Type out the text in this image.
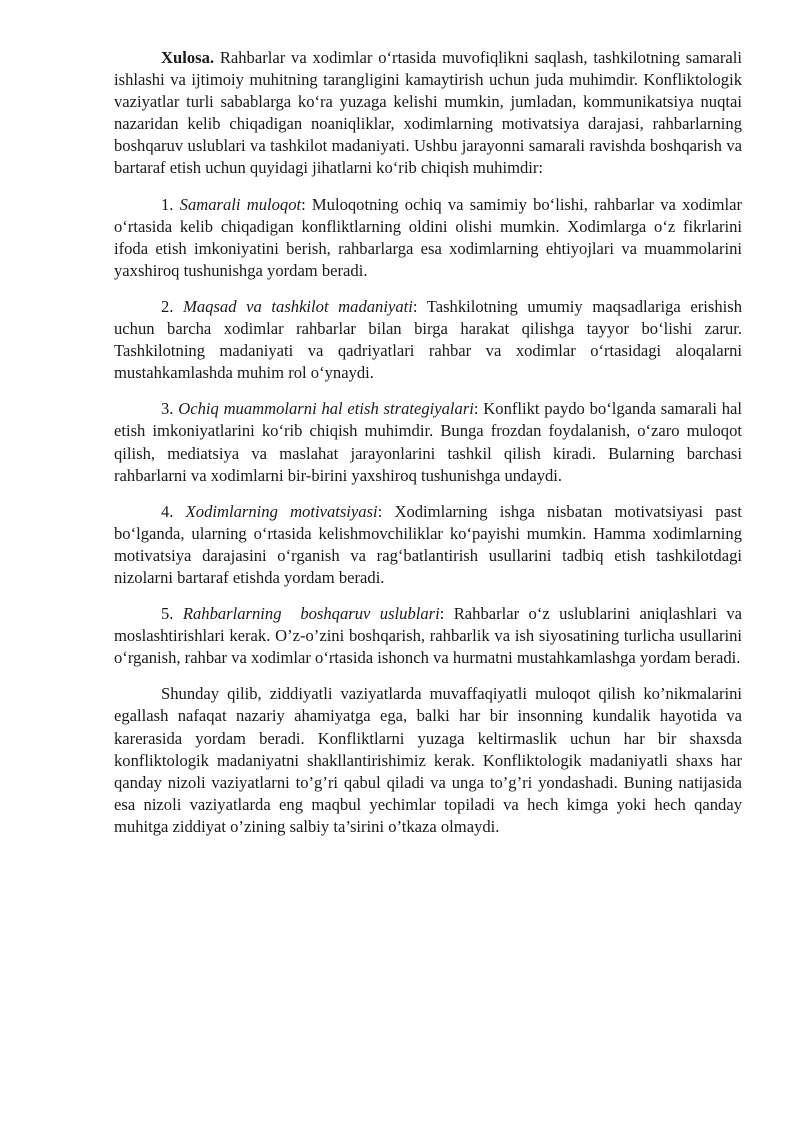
Xulosa. Rahbarlar va xodimlar o‘rtasida muvofiqlikni saqlash, tashkilotning samarali ishlashi va ijtimoiy muhitning tarangligini kamaytirish uchun juda muhimdir. Konfliktologik vaziyatlar turli sabablarga ko‘ra yuzaga kelishi mumkin, jumladan, kommunikatsiya nuqtai nazaridan kelib chiqadigan noaniqliklar, xodimlarning motivatsiya darajasi, rahbarlarning boshqaruv uslublari va tashkilot madaniyati. Ushbu jarayonni samarali ravishda boshqarish va bartaraf etish uchun quyidagi jihatlarni ko‘rib chiqish muhimdir:

1. Samarali muloqot: Muloqotning ochiq va samimiy bo‘lishi, rahbarlar va xodimlar o‘rtasida kelib chiqadigan konfliktlarning oldini olishi mumkin. Xodimlarga o‘z fikrlarini ifoda etish imkoniyatini berish, rahbarlarga esa xodimlarning ehtiyojlari va muammolarini yaxshiroq tushunishga yordam beradi.

2. Maqsad va tashkilot madaniyati: Tashkilotning umumiy maqsadlariga erishish uchun barcha xodimlar rahbarlar bilan birga harakat qilishga tayyor bo‘lishi zarur. Tashkilotning madaniyati va qadriyatlari rahbar va xodimlar o‘rtasidagi aloqalarni mustahkamlashda muhim rol o‘ynaydi.

3. Ochiq muammolarni hal etish strategiyalari: Konflikt paydo bo‘lganda samarali hal etish imkoniyatlarini ko‘rib chiqish muhimdir. Bunga frozdan foydalanish, o‘zaro muloqot qilish, mediatsiya va maslahat jarayonlarini tashkil qilish kiradi. Bularning barchasi rahbarlarni va xodimlarni bir-birini yaxshiroq tushunishga undaydi.

4. Xodimlarning motivatsiyasi: Xodimlarning ishga nisbatan motivatsiyasi past bo‘lganda, ularning o‘rtasida kelishmovchiliklar ko‘payishi mumkin. Hamma xodimlarning motivatsiya darajasini o‘rganish va rag‘batlantirish usullarini tadbiq etish tashkilotdagi nizolarni bartaraf etishda yordam beradi.

5. Rahbarlarning  boshqaruv uslublari: Rahbarlar o‘z uslublarini aniqlashlari va moslashtirishlari kerak. O’z-o’zini boshqarish, rahbarlik va ish siyosatining turlicha usullarini o‘rganish, rahbar va xodimlar o‘rtasida ishonch va hurmatni mustahkamlashga yordam beradi.

Shunday qilib, ziddiyatli vaziyatlarda muvaffaqiyatli muloqot qilish ko’nikmalarini egallash nafaqat nazariy ahamiyatga ega, balki har bir insonning kundalik hayotida va karerasida yordam beradi. Konfliktlarni yuzaga keltirmaslik uchun har bir shaxsda konfliktologik madaniyatni shakllantirishimiz kerak. Konfliktologik madaniyatli shaxs har qanday nizoli vaziyatlarni to’g’ri qabul qiladi va unga to’g’ri yondashadi. Buning natijasida esa nizoli vaziyatlarda eng maqbul yechimlar topiladi va hech kimga yoki hech qanday muhitga ziddiyat o’zining salbiy ta’sirini o’tkaza olmaydi.
